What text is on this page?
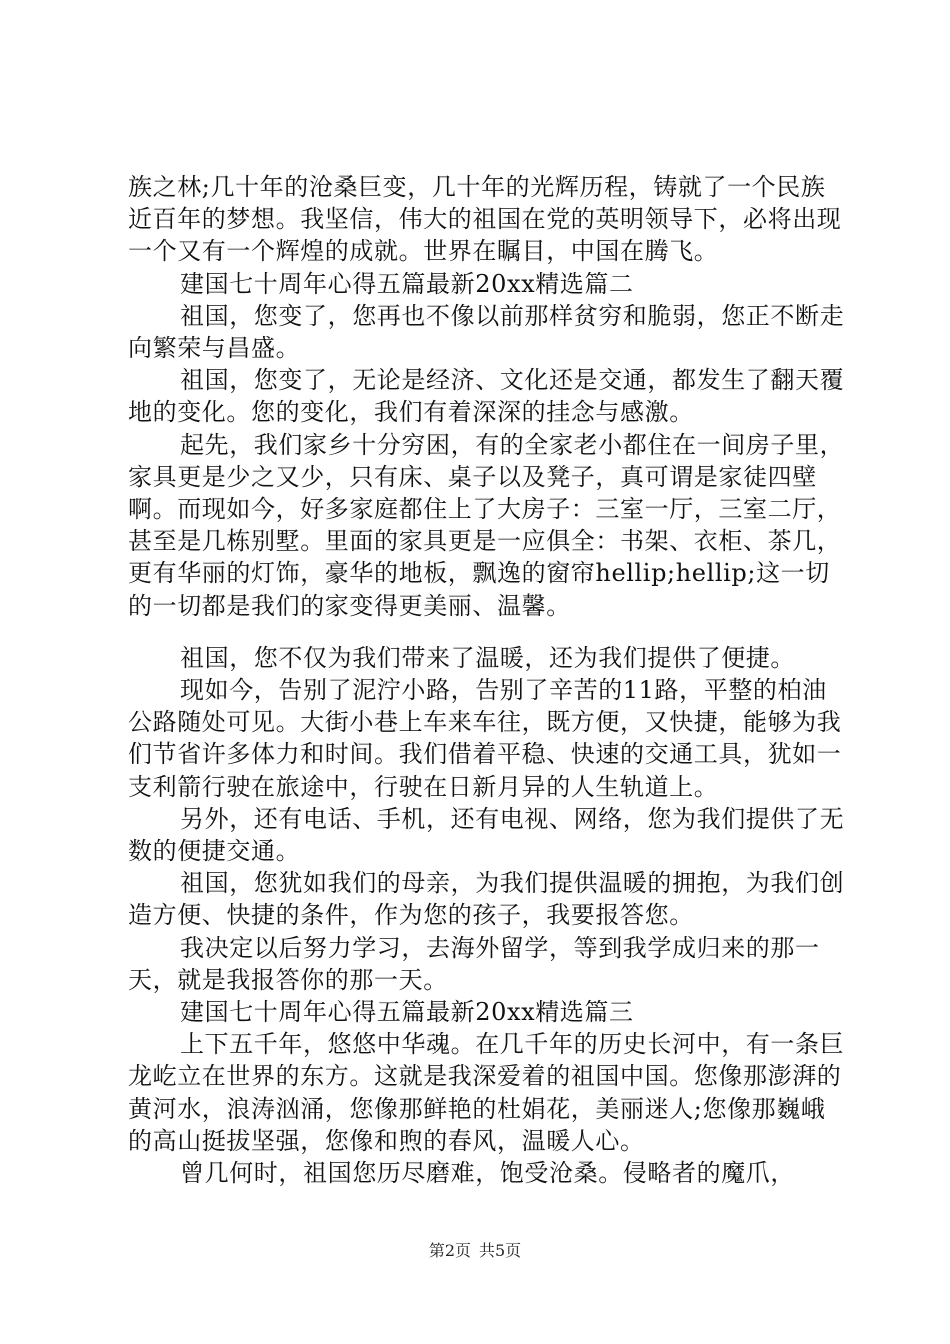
族之林;几十年的沧桑巨变，几十年的光辉历程，铸就了一个民族近百年的梦想。我坚信，伟大的祖国在党的英明领导下，必将出现一个又有一个辉煌的成就。世界在瞩目，中国在腾飞。

建国七十周年心得五篇最新20xx精选篇二

祖国，您变了，您再也不像以前那样贫穷和脆弱，您正不断走向繁荣与昌盛。

祖国，您变了，无论是经济、文化还是交通，都发生了翻天覆地的变化。您的变化，我们有着深深的挂念与感激。

起先，我们家乡十分穷困，有的全家老小都住在一间房子里，家具更是少之又少，只有床、桌子以及凳子，真可谓是家徒四壁啊。而现如今，好多家庭都住上了大房子：三室一厅，三室二厅，甚至是几栋别墅。里面的家具更是一应俱全：书架、衣柜、茶几，更有华丽的灯饰，豪华的地板，飘逸的窗帘hellip;hellip;这一切的一切都是我们的家变得更美丽、温馨。

祖国，您不仅为我们带来了温暖，还为我们提供了便捷。

现如今，告别了泥泞小路，告别了辛苦的11路，平整的柏油公路随处可见。大街小巷上车来车往，既方便，又快捷，能够为我们节省许多体力和时间。我们借着平稳、快速的交通工具，犹如一支利箭行驶在旅途中，行驶在日新月异的人生轨道上。

另外，还有电话、手机，还有电视、网络，您为我们提供了无数的便捷交通。

祖国，您犹如我们的母亲，为我们提供温暖的拥抱，为我们创造方便、快捷的条件，作为您的孩子，我要报答您。

我决定以后努力学习，去海外留学，等到我学成归来的那一天，就是我报答你的那一天。

建国七十周年心得五篇最新20xx精选篇三

上下五千年，悠悠中华魂。在几千年的历史长河中，有一条巨龙屹立在世界的东方。这就是我深爱着的祖国中国。您像那澎湃的黄河水，浪涛汹涌，您像那鲜艳的杜娟花，美丽迷人;您像那巍峨的高山挺拔坚强，您像和煦的春风，温暖人心。

曾几何时，祖国您历尽磨难，饱受沧桑。侵略者的魔爪，

第2页 共5页
